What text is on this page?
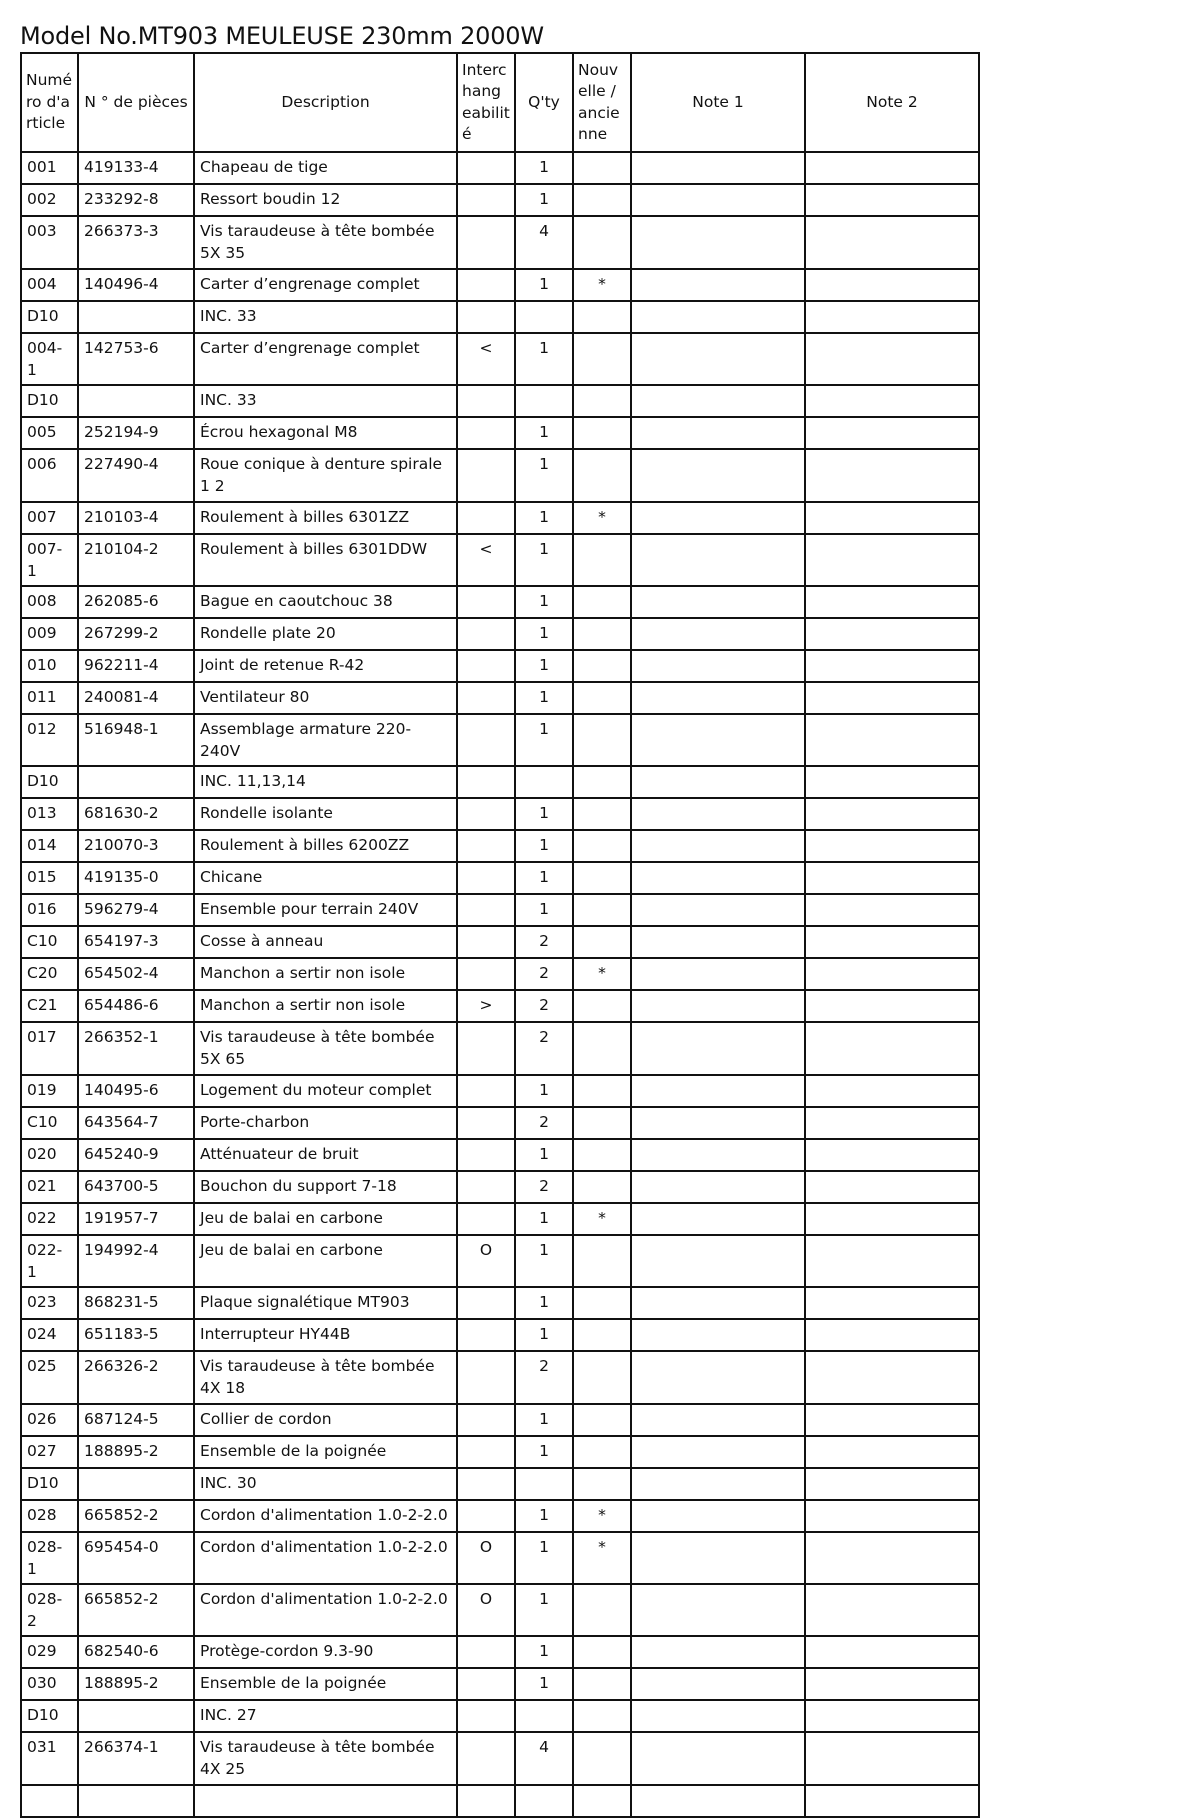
Model No.MT903 MEULEUSE 230mm 2000W
Numé ro d'a rticle	N ° de pièces	Description	Interc hang eabilit é	Q'ty	Nouv elle / ancie nne	Note 1	Note 2

001	419133-4	Chapeau de tige		1			

002	233292-8	Ressort boudin 12		1			

003	266373-3	Vis taraudeuse à tête bombée 5X 35		4			

004	140496-4	Carter d’engrenage complet		1	*		

D10		INC. 33					

004-1	142753-6	Carter d’engrenage complet	<	1			

D10		INC. 33					

005	252194-9	Écrou hexagonal M8		1			

006	227490-4	Roue conique à denture spirale 1 2		1			

007	210103-4	Roulement à billes 6301ZZ		1	*		

007-1	210104-2	Roulement à billes 6301DDW	<	1			

008	262085-6	Bague en caoutchouc 38		1			

009	267299-2	Rondelle plate 20		1			

010	962211-4	Joint de retenue R-42		1			

011	240081-4	Ventilateur 80		1			

012	516948-1	Assemblage armature 220-240V		1			

D10		INC. 11,13,14					

013	681630-2	Rondelle isolante		1			

014	210070-3	Roulement à billes 6200ZZ		1			

015	419135-0	Chicane		1			

016	596279-4	Ensemble pour terrain 240V		1			

C10	654197-3	Cosse à anneau		2			

C20	654502-4	Manchon a sertir non isole		2	*		

C21	654486-6	Manchon a sertir non isole	>	2			

017	266352-1	Vis taraudeuse à tête bombée 5X 65		2			

019	140495-6	Logement du moteur complet		1			

C10	643564-7	Porte-charbon		2			

020	645240-9	Atténuateur de bruit		1			

021	643700-5	Bouchon du support 7-18		2			

022	191957-7	Jeu de balai en carbone		1	*		

022-1	194992-4	Jeu de balai en carbone	O	1			

023	868231-5	Plaque signalétique MT903		1			

024	651183-5	Interrupteur HY44B		1			

025	266326-2	Vis taraudeuse à tête bombée 4X 18		2			

026	687124-5	Collier de cordon		1			

027	188895-2	Ensemble de la poignée		1			

D10		INC. 30					

028	665852-2	Cordon d'alimentation 1.0-2-2.0		1	*		

028-1	695454-0	Cordon d'alimentation 1.0-2-2.0	O	1	*		

028-2	665852-2	Cordon d'alimentation 1.0-2-2.0	O	1			

029	682540-6	Protège-cordon 9.3-90		1			

030	188895-2	Ensemble de la poignée		1			

D10		INC. 27					

031	266374-1	Vis taraudeuse à tête bombée 4X 25		4			
